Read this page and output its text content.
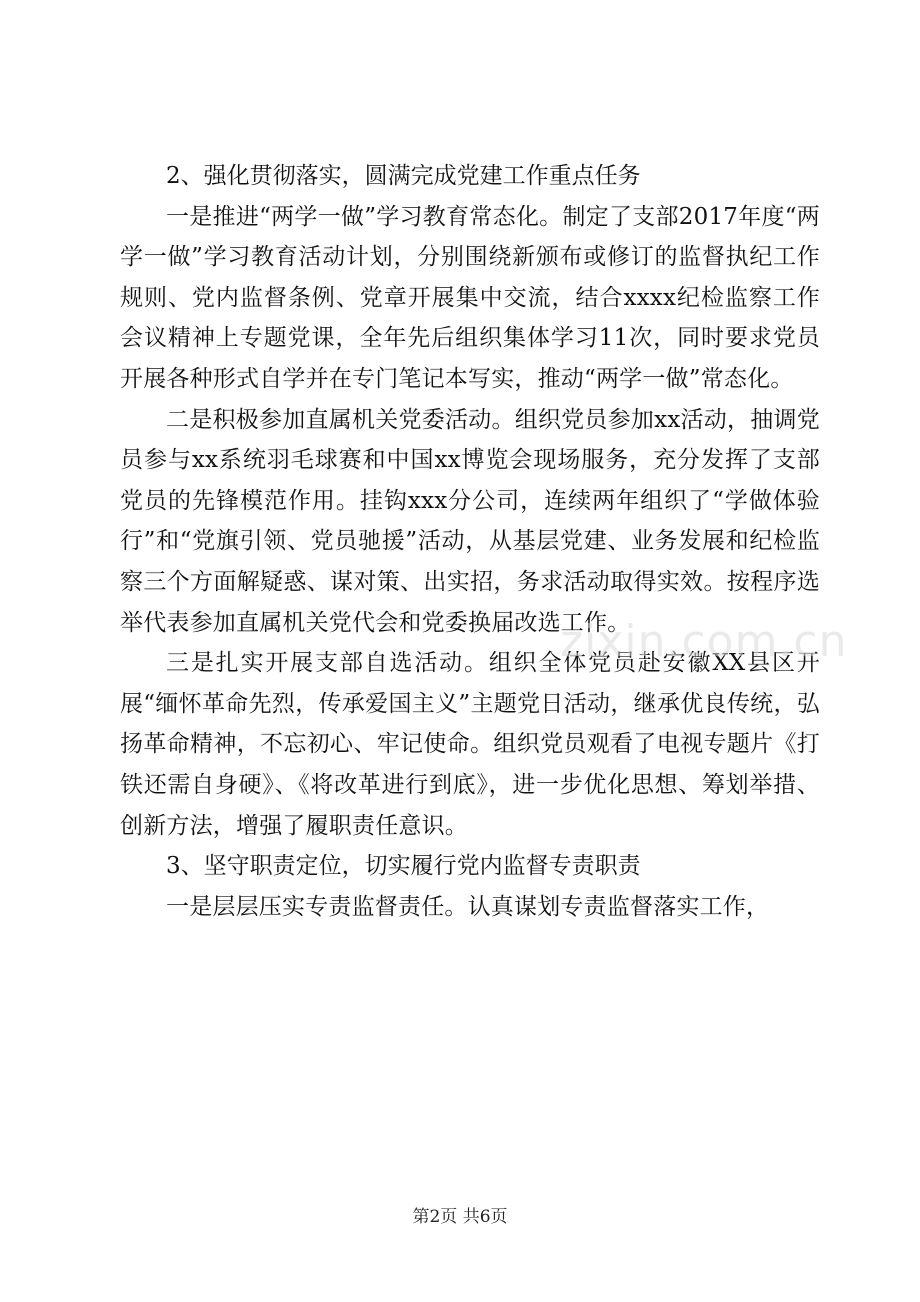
2、强化贯彻落实，圆满完成党建工作重点任务

一是推进“两学一做”学习教育常态化。制定了支部2017年度“两学一做”学习教育活动计划，分别围绕新颁布或修订的监督执纪工作规则、党内监督条例、党章开展集中交流，结合xxxx纪检监察工作会议精神上专题党课，全年先后组织集体学习11次，同时要求党员开展各种形式自学并在专门笔记本写实，推动“两学一做”常态化。

二是积极参加直属机关党委活动。组织党员参加xx活动，抽调党员参与xx系统羽毛球赛和中国xx博览会现场服务，充分发挥了支部党员的先锋模范作用。挂钩xxx分公司，连续两年组织了“学做体验行”和“党旗引领、党员驰援”活动，从基层党建、业务发展和纪检监察三个方面解疑惑、谋对策、出实招，务求活动取得实效。按程序选举代表参加直属机关党代会和党委换届改选工作。

三是扎实开展支部自选活动。组织全体党员赴安徽XX县区开展“缅怀革命先烈，传承爱国主义”主题党日活动，继承优良传统，弘扬革命精神，不忘初心、牢记使命。组织党员观看了电视专题片《打铁还需自身硬》、《将改革进行到底》，进一步优化思想、筹划举措、创新方法，增强了履职责任意识。

3、坚守职责定位，切实履行党内监督专责职责

一是层层压实专责监督责任。认真谋划专责监督落实工作，

zixin.com.cn
第2页 共6页
